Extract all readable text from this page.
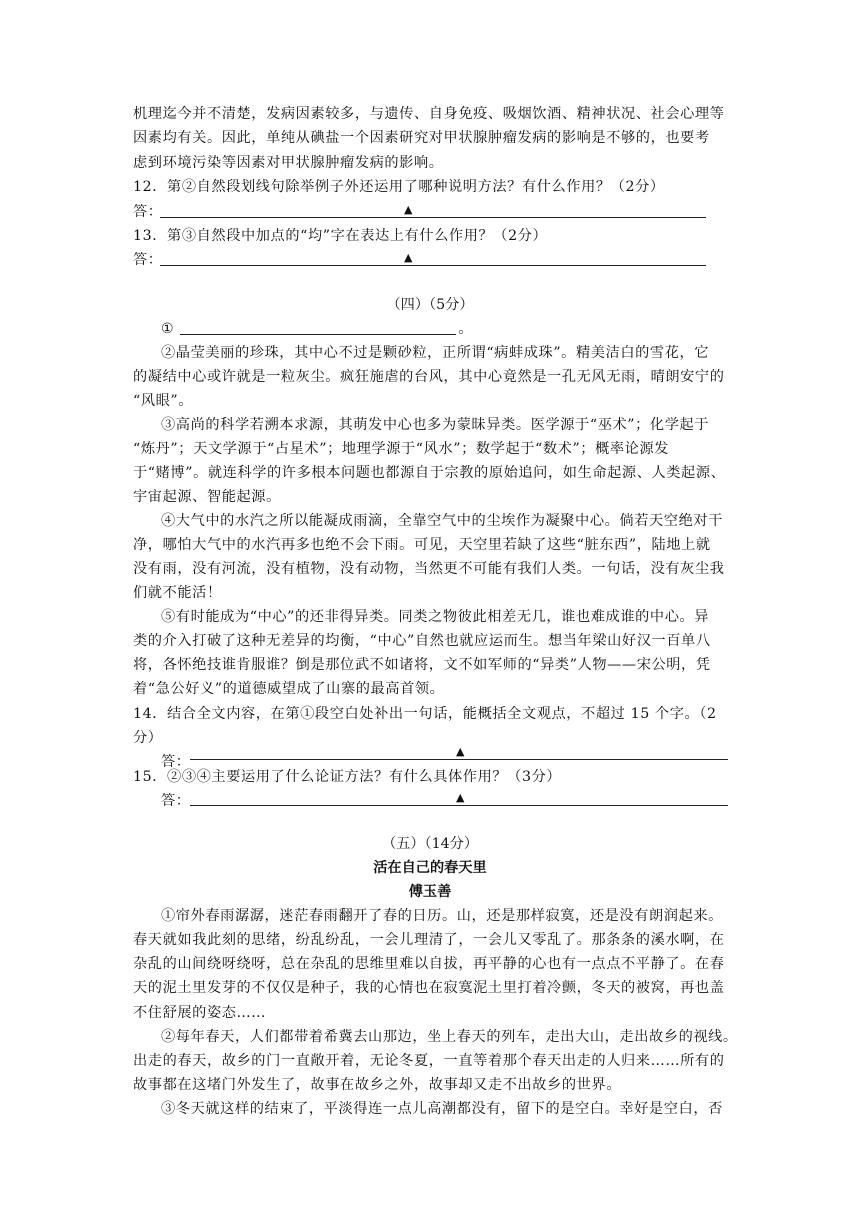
机理迄今并不清楚，发病因素较多，与遗传、自身免疫、吸烟饮酒、精神状况、社会心理等
因素均有关。因此，单纯从碘盐一个因素研究对甲状腺肿瘤发病的影响是不够的，也要考
虑到环境污染等因素对甲状腺肿瘤发病的影响。
12．第②自然段划线句除举例子外还运用了哪种说明方法？有什么作用？（2分）
答：	▲
13．第③自然段中加点的“均”字在表达上有什么作用？（2分）
答：	▲
（四）（5分）
①	。
②晶莹美丽的珍珠，其中心不过是颗砂粒，正所谓“病蚌成珠”。精美洁白的雪花，它
的凝结中心或许就是一粒灰尘。疯狂施虐的台风，其中心竟然是一孔无风无雨，晴朗安宁的
“风眼”。
③高尚的科学若溯本求源，其萌发中心也多为蒙昧异类。医学源于“巫术”；化学起于
“炼丹”；天文学源于“占星术”；地理学源于“风水”；数学起于“数术”；概率论源发
于“赌博”。就连科学的许多根本问题也都源自于宗教的原始追问，如生命起源、人类起源、
宇宙起源、智能起源。
④大气中的水汽之所以能凝成雨滴，全靠空气中的尘埃作为凝聚中心。倘若天空绝对干
净，哪怕大气中的水汽再多也绝不会下雨。可见，天空里若缺了这些“脏东西”，陆地上就
没有雨，没有河流，没有植物，没有动物，当然更不可能有我们人类。一句话，没有灰尘我
们就不能活！
⑤有时能成为“中心”的还非得异类。同类之物彼此相差无几，谁也难成谁的中心。异
类的介入打破了这种无差异的均衡，“中心”自然也就应运而生。想当年梁山好汉一百单八
将，各怀绝技谁肯服谁？倒是那位武不如诸将，文不如军师的“异类”人物——宋公明，凭
着“急公好义”的道德威望成了山寨的最高首领。
14．结合全文内容，在第①段空白处补出一句话，能概括全文观点，不超过 15 个字。（2
分）
答：
▲
15．②③④主要运用了什么论证方法？有什么具体作用？（3分）
答：	▲
（五）（14分）
活在自己的春天里
傅玉善
①帘外春雨潺潺，迷茫春雨翻开了春的日历。山，还是那样寂寞，还是没有朗润起来。
春天就如我此刻的思绪，纷乱纷乱，一会儿理清了，一会儿又零乱了。那条条的溪水啊，在
杂乱的山间绕呀绕呀，总在杂乱的思维里难以自拔，再平静的心也有一点点不平静了。在春
天的泥土里发芽的不仅仅是种子，我的心情也在寂寞泥土里打着冷颤，冬天的被窝，再也盖
不住舒展的姿态……
②每年春天，人们都带着希冀去山那边，坐上春天的列车，走出大山，走出故乡的视线。
出走的春天，故乡的门一直敞开着，无论冬夏，一直等着那个春天出走的人归来……所有的
故事都在这堵门外发生了，故事在故乡之外，故事却又走不出故乡的世界。
③冬天就这样的结束了，平淡得连一点儿高潮都没有，留下的是空白。幸好是空白，否
